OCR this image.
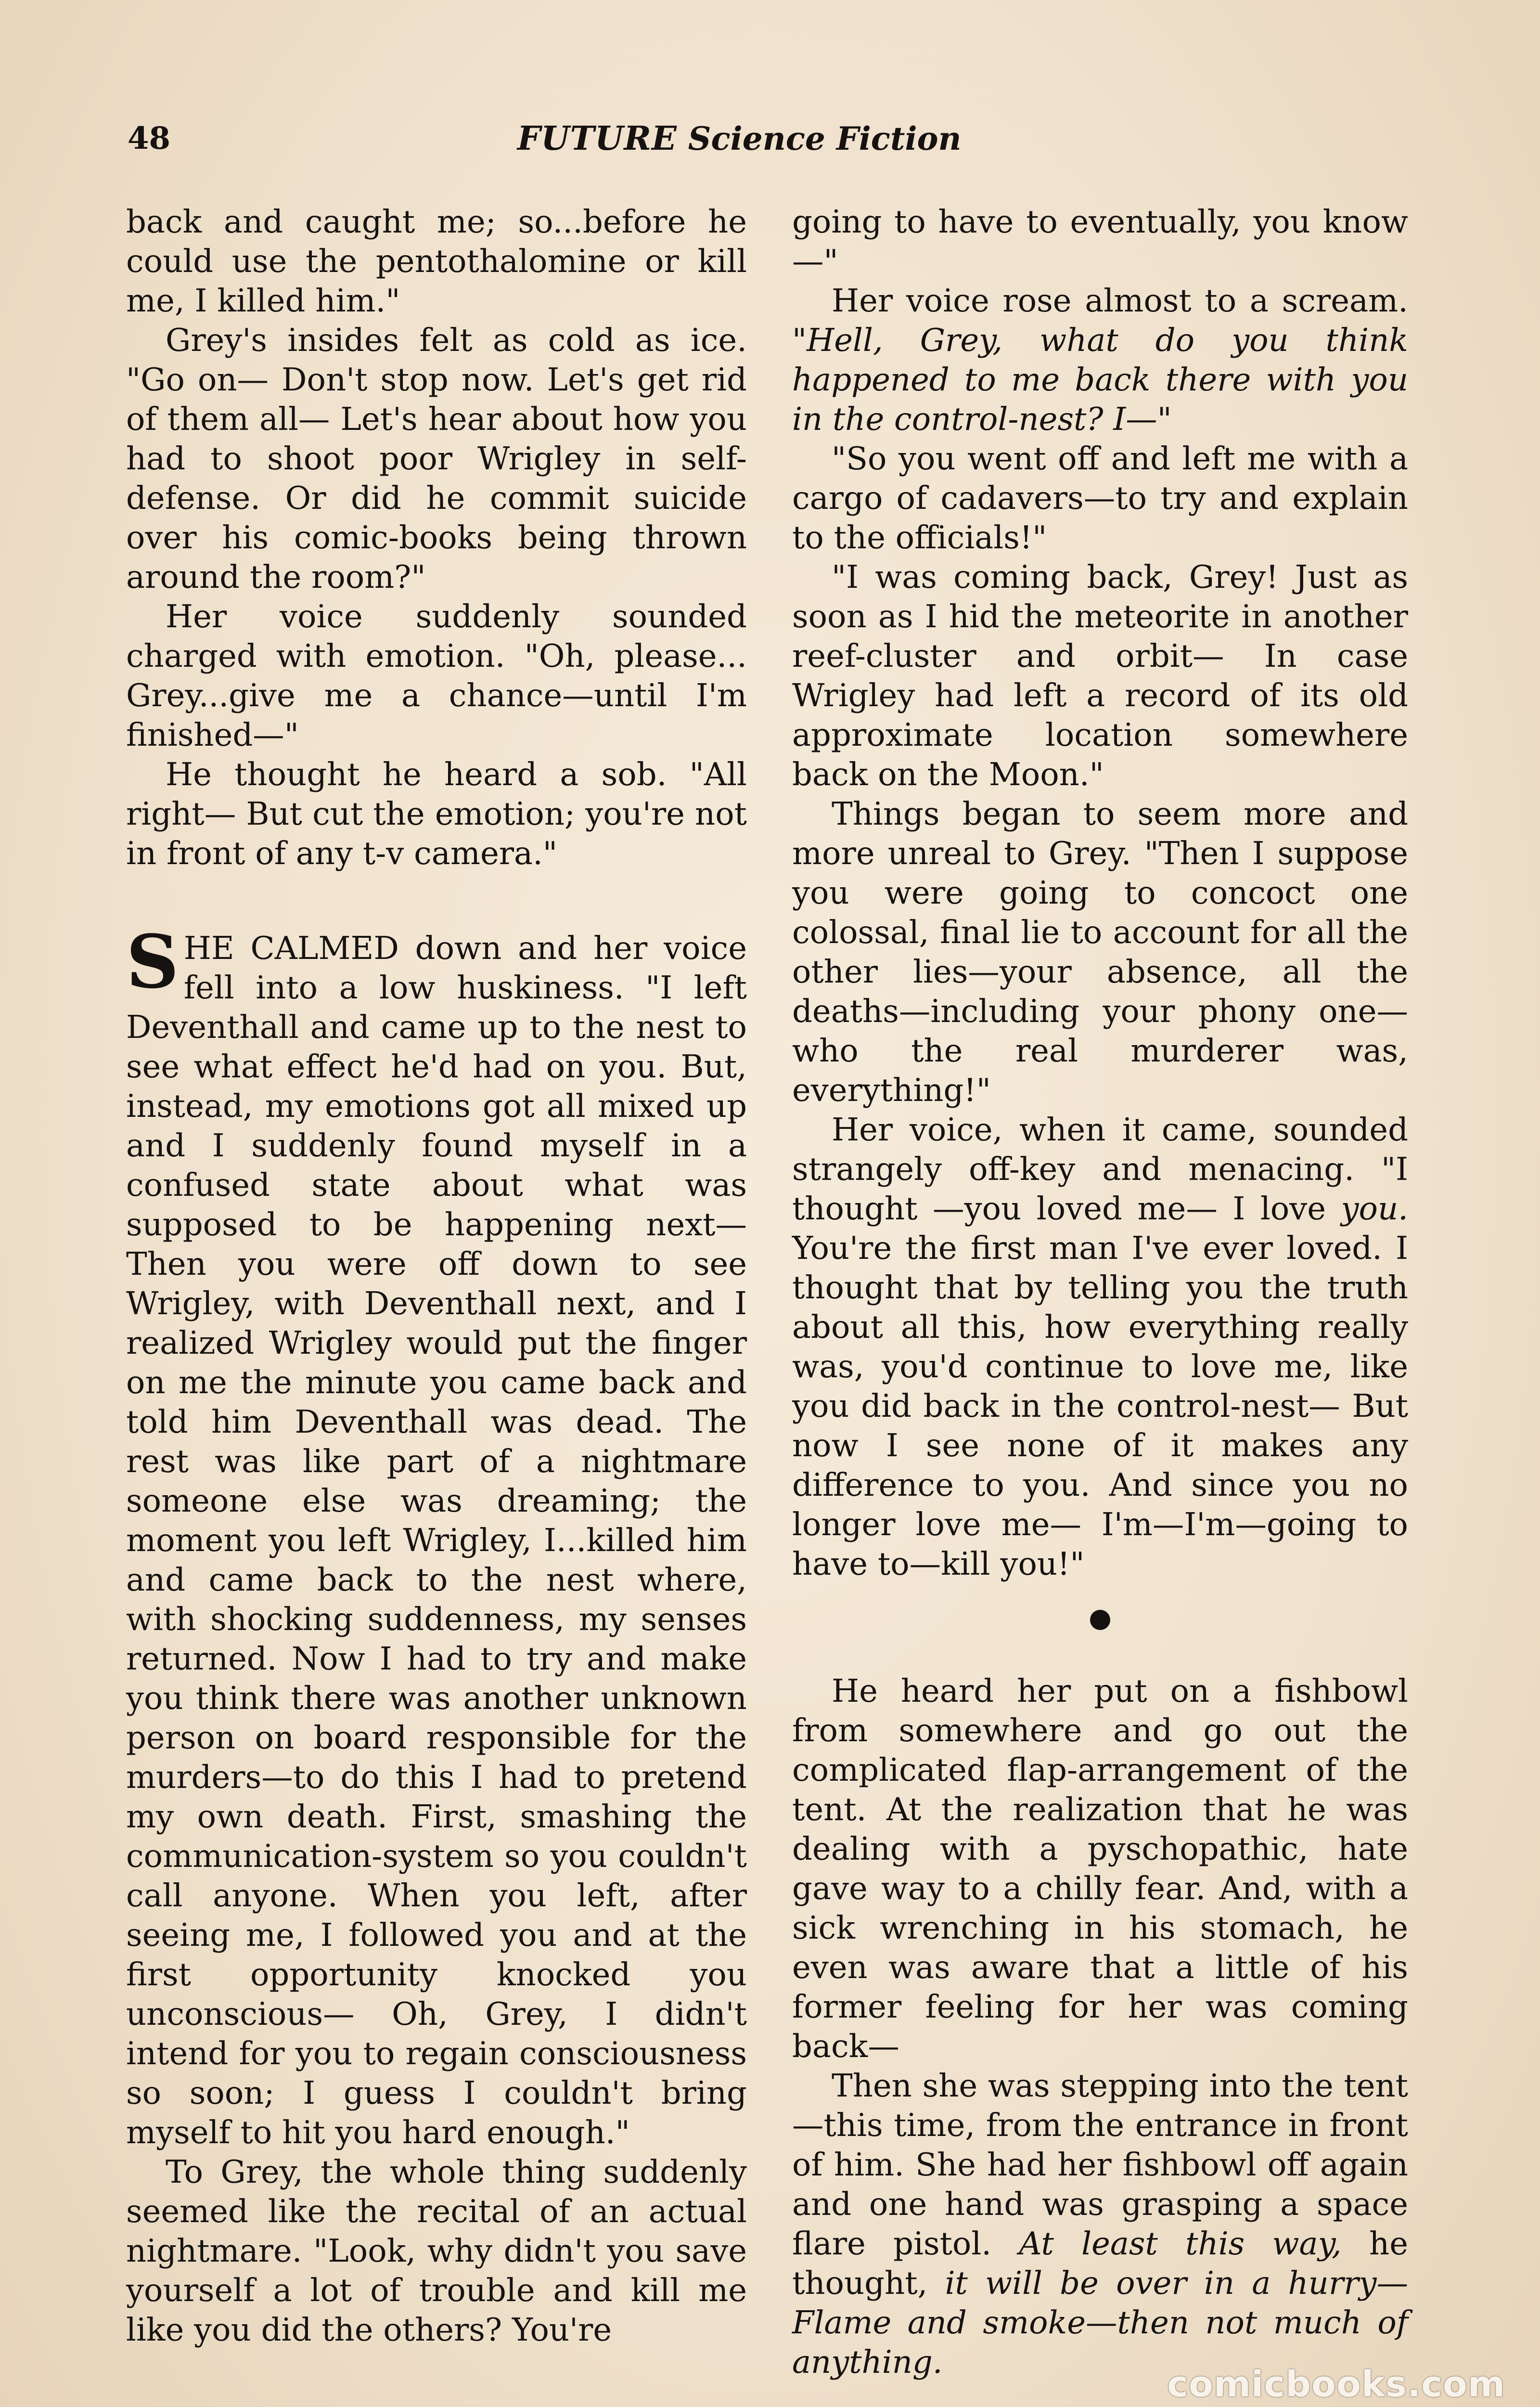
48	FUTURE Science Fiction

back and caught me; so...before he could use the pentothalomine or kill me, I killed him."

Grey's insides felt as cold as ice. "Go on— Don't stop now. Let's get rid of them all— Let's hear about how you had to shoot poor Wrigley in self-defense. Or did he commit suicide over his comic-books being thrown around the room?"

Her voice suddenly sounded charged with emotion. "Oh, please... Grey...give me a chance—until I'm finished—"

He thought he heard a sob. "All right— But cut the emotion; you're not in front of any t-v camera."

SHE CALMED down and her voice fell into a low huskiness. "I left Deventhall and came up to the nest to see what effect he'd had on you. But, instead, my emotions got all mixed up and I suddenly found myself in a confused state about what was supposed to be happening next— Then you were off down to see Wrigley, with Deventhall next, and I realized Wrigley would put the finger on me the minute you came back and told him Deventhall was dead. The rest was like part of a nightmare someone else was dreaming; the moment you left Wrigley, I...killed him and came back to the nest where, with shocking suddenness, my senses returned. Now I had to try and make you think there was another unknown person on board responsible for the murders—to do this I had to pretend my own death. First, smashing the communication-system so you couldn't call anyone. When you left, after seeing me, I followed you and at the first opportunity knocked you unconscious— Oh, Grey, I didn't intend for you to regain consciousness so soon; I guess I couldn't bring myself to hit you hard enough."

To Grey, the whole thing suddenly seemed like the recital of an actual nightmare. "Look, why didn't you save yourself a lot of trouble and kill me like you did the others? You're

going to have to eventually, you know—"

Her voice rose almost to a scream. "Hell, Grey, what do you think happened to me back there with you in the control-nest? I—"

"So you went off and left me with a cargo of cadavers—to try and explain to the officials!"

"I was coming back, Grey! Just as soon as I hid the meteorite in another reef-cluster and orbit— In case Wrigley had left a record of its old approximate location somewhere back on the Moon."

Things began to seem more and more unreal to Grey. "Then I suppose you were going to concoct one colossal, final lie to account for all the other lies—your absence, all the deaths—including your phony one—who the real murderer was, everything!"

Her voice, when it came, sounded strangely off-key and menacing. "I thought —you loved me— I love you. You're the first man I've ever loved. I thought that by telling you the truth about all this, how everything really was, you'd continue to love me, like you did back in the control-nest— But now I see none of it makes any difference to you. And since you no longer love me— I'm—I'm—going to have to—kill you!"

He heard her put on a fishbowl from somewhere and go out the complicated flap-arrangement of the tent. At the realization that he was dealing with a pyschopathic, hate gave way to a chilly fear. And, with a sick wrenching in his stomach, he even was aware that a little of his former feeling for her was coming back—

Then she was stepping into the tent—this time, from the entrance in front of him. She had her fishbowl off again and one hand was grasping a space flare pistol. At least this way, he thought, it will be over in a hurry— Flame and smoke—then not much of anything.

comicbooks.com
